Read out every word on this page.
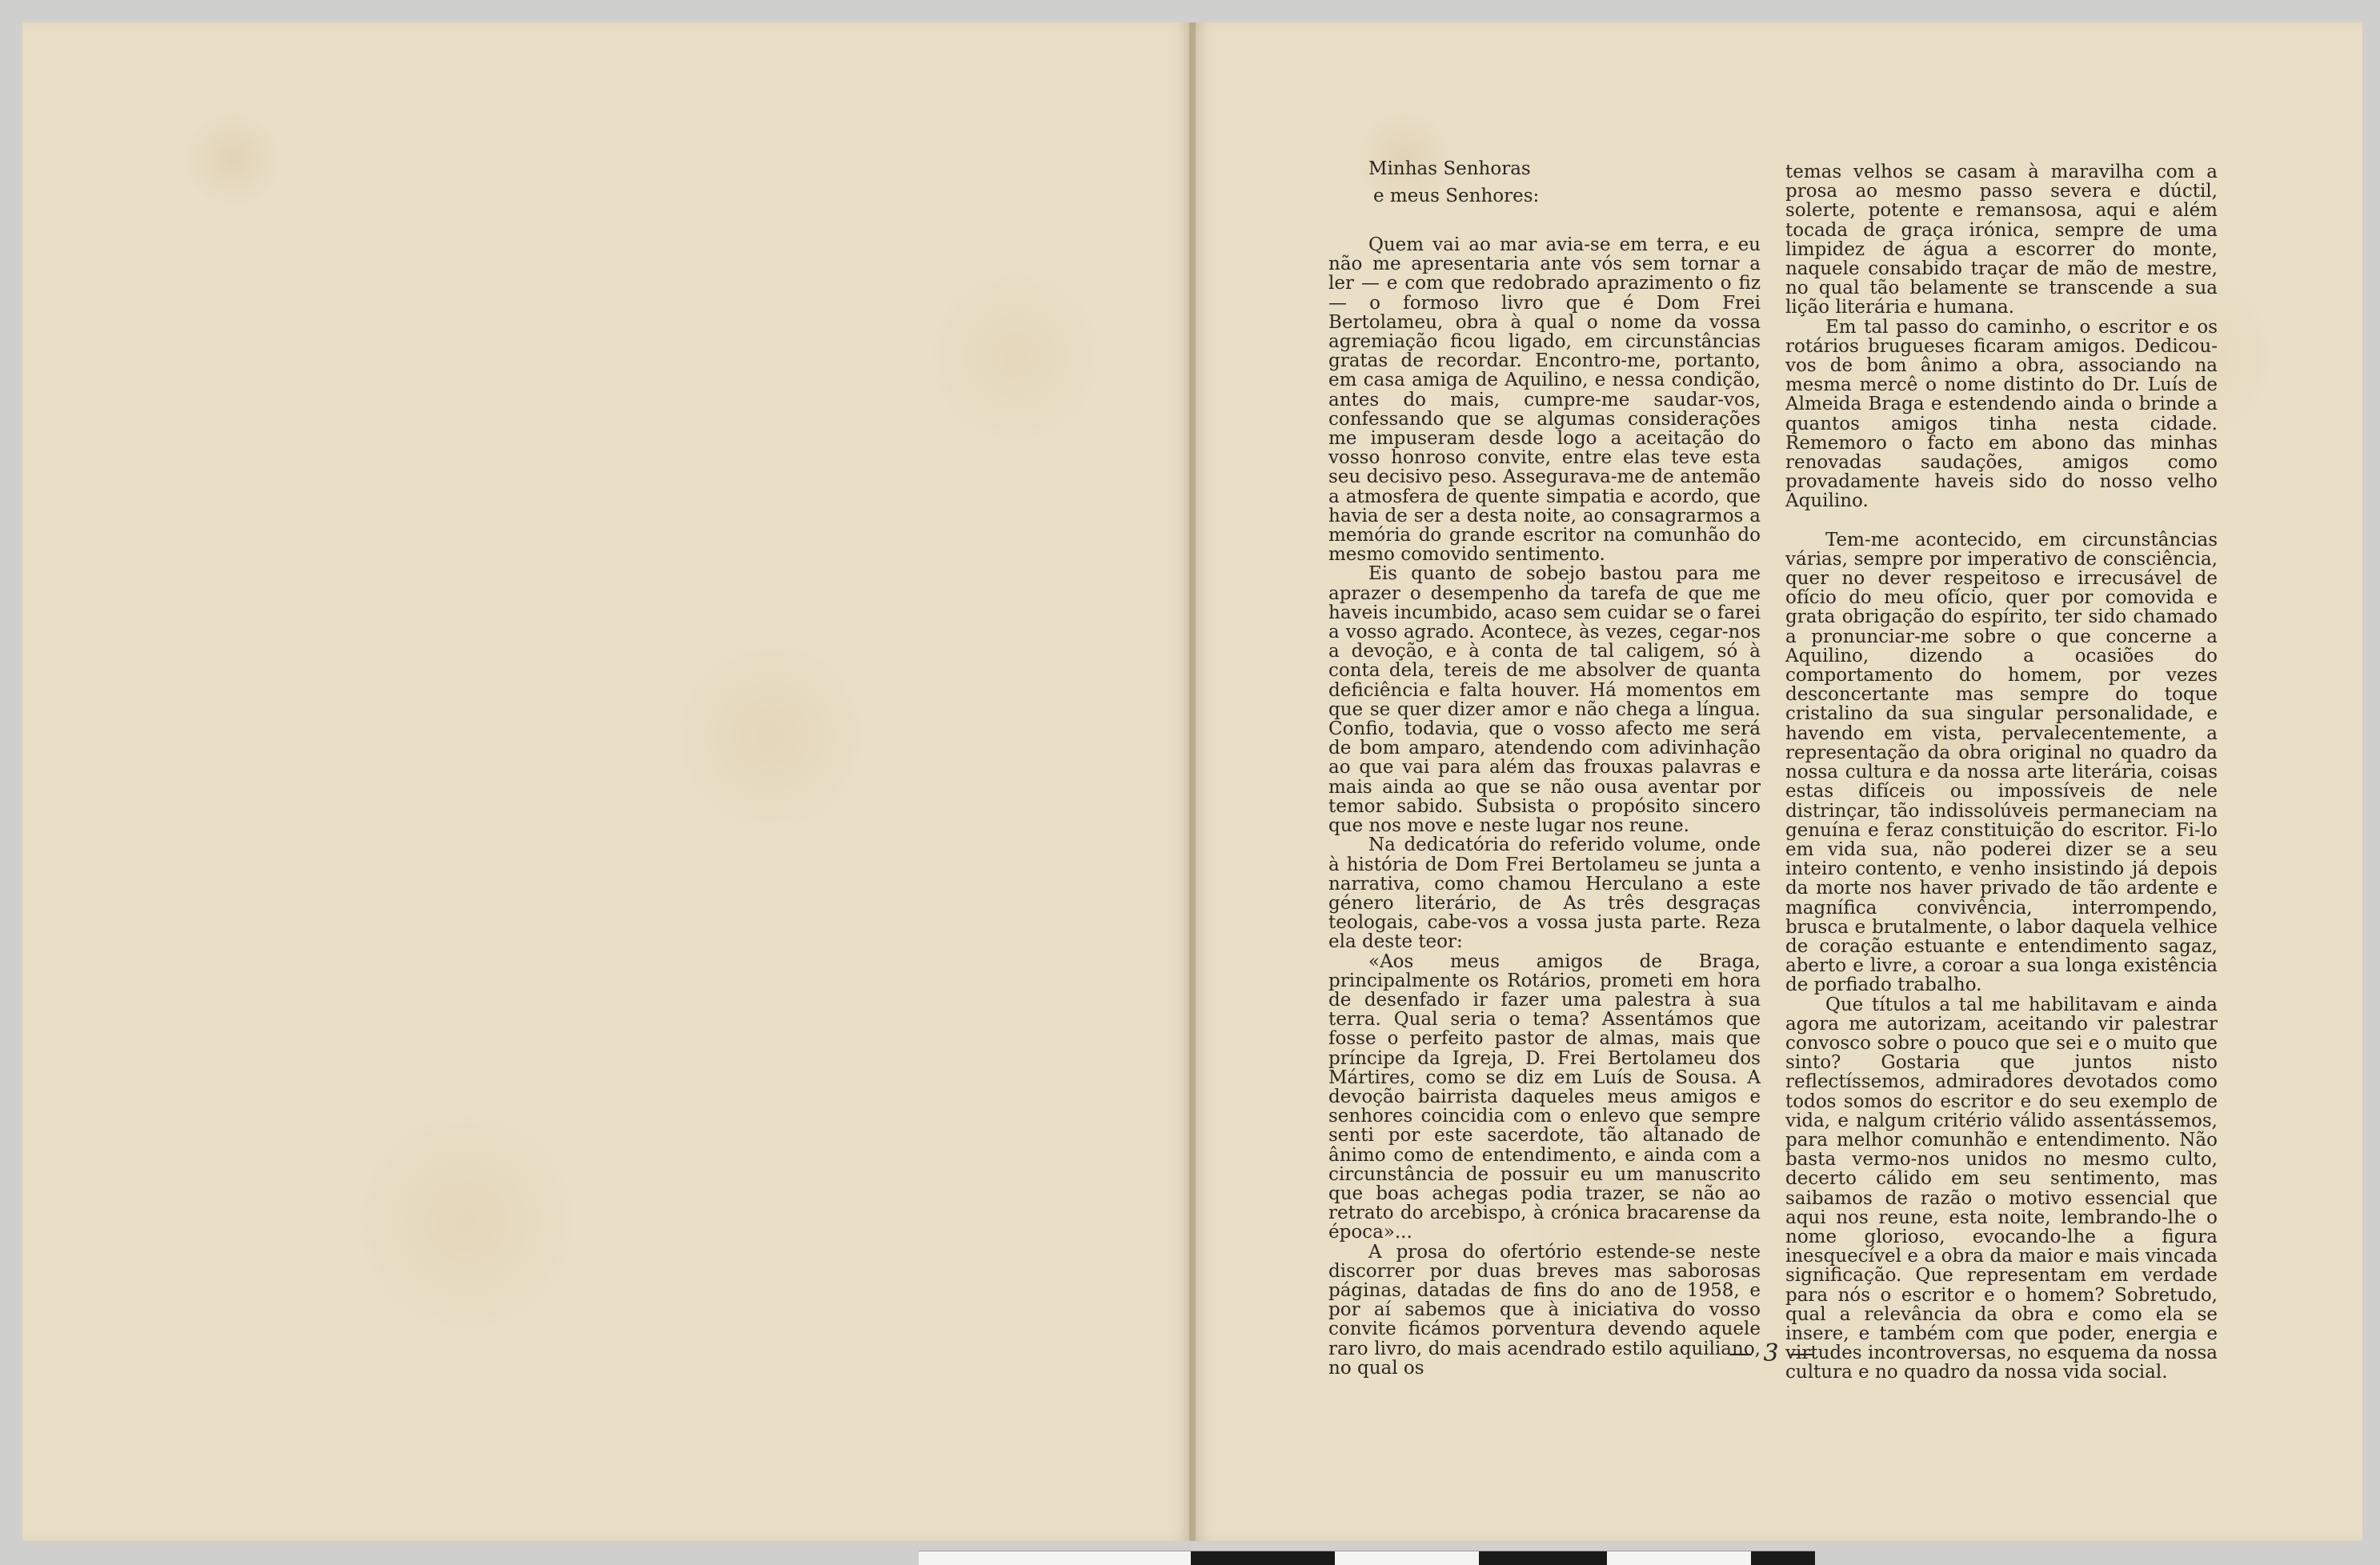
Minhas Senhoras
e meus Senhores:

Quem vai ao mar avia-se em terra, e eu não me apresentaria ante vós sem tornar a ler — e com que redobrado aprazimento o fiz — o formoso livro que é Dom Frei Bertolameu, obra à qual o nome da vossa agremiação ficou ligado, em circunstâncias gratas de recordar. Encontro-me, portanto, em casa amiga de Aquilino, e nessa condição, antes do mais, cumpre-me saudar-vos, confessando que se algumas considerações me impuseram desde logo a aceitação do vosso honroso convite, entre elas teve esta seu decisivo peso. Assegurava-me de antemão a atmosfera de quente simpatia e acordo, que havia de ser a desta noite, ao consagrarmos a memória do grande escritor na comunhão do mesmo comovido sentimento.

Eis quanto de sobejo bastou para me aprazer o desempenho da tarefa de que me haveis incumbido, acaso sem cuidar se o farei a vosso agrado. Acontece, às vezes, cegar-nos a devoção, e à conta de tal caligem, só à conta dela, tereis de me absolver de quanta deficiência e falta houver. Há momentos em que se quer dizer amor e não chega a língua. Confio, todavia, que o vosso afecto me será de bom amparo, atendendo com adivinhação ao que vai para além das frouxas palavras e mais ainda ao que se não ousa aventar por temor sabido. Subsista o propósito sincero que nos move e neste lugar nos reune.

Na dedicatória do referido volume, onde à história de Dom Frei Bertolameu se junta a narrativa, como chamou Herculano a este género literário, de As três desgraças teologais, cabe-vos a vossa justa parte. Reza ela deste teor:

«Aos meus amigos de Braga, principalmente os Rotários, prometi em hora de desenfado ir fazer uma palestra à sua terra. Qual seria o tema? Assentámos que fosse o perfeito pastor de almas, mais que príncipe da Igreja, D. Frei Bertolameu dos Mártires, como se diz em Luís de Sousa. A devoção bairrista daqueles meus amigos e senhores coincidia com o enlevo que sempre senti por este sacerdote, tão altanado de ânimo como de entendimento, e ainda com a circunstância de possuir eu um manuscrito que boas achegas podia trazer, se não ao retrato do arcebispo, à crónica bracarense da época»...

A prosa do ofertório estende-se neste discorrer por duas breves mas saborosas páginas, datadas de fins do ano de 1958, e por aí sabemos que à iniciativa do vosso convite ficámos porventura devendo aquele raro livro, do mais acendrado estilo aquiliano, no qual os

temas velhos se casam à maravilha com a prosa ao mesmo passo severa e dúctil, solerte, potente e remansosa, aqui e além tocada de graça irónica, sempre de uma limpidez de água a escorrer do monte, naquele consabido traçar de mão de mestre, no qual tão belamente se transcende a sua lição literária e humana.

Em tal passo do caminho, o escritor e os rotários brugueses ficaram amigos. Dedicou-vos de bom ânimo a obra, associando na mesma mercê o nome distinto do Dr. Luís de Almeida Braga e estendendo ainda o brinde a quantos amigos tinha nesta cidade. Rememoro o facto em abono das minhas renovadas saudações, amigos como provadamente haveis sido do nosso velho Aquilino.

Tem-me acontecido, em circunstâncias várias, sempre por imperativo de consciência, quer no dever respeitoso e irrecusável de ofício do meu ofício, quer por comovida e grata obrigação do espírito, ter sido chamado a pronunciar-me sobre o que concerne a Aquilino, dizendo a ocasiões do comportamento do homem, por vezes desconcertante mas sempre do toque cristalino da sua singular personalidade, e havendo em vista, pervalecentemente, a representação da obra original no quadro da nossa cultura e da nossa arte literária, coisas estas difíceis ou impossíveis de nele distrinçar, tão indissolúveis permaneciam na genuína e feraz constituição do escritor. Fi-lo em vida sua, não poderei dizer se a seu inteiro contento, e venho insistindo já depois da morte nos haver privado de tão ardente e magnífica convivência, interrompendo, brusca e brutalmente, o labor daquela velhice de coração estuante e entendimento sagaz, aberto e livre, a coroar a sua longa existência de porfiado trabalho.

Que títulos a tal me habilitavam e ainda agora me autorizam, aceitando vir palestrar convosco sobre o pouco que sei e o muito que sinto? Gostaria que juntos nisto reflectíssemos, admiradores devotados como todos somos do escritor e do seu exemplo de vida, e nalgum critério válido assentássemos, para melhor comunhão e entendimento. Não basta vermo-nos unidos no mesmo culto, decerto cálido em seu sentimento, mas saibamos de razão o motivo essencial que aqui nos reune, esta noite, lembrando-lhe o nome glorioso, evocando-lhe a figura inesquecível e a obra da maior e mais vincada significação. Que representam em verdade para nós o escritor e o homem? Sobretudo, qual a relevância da obra e como ela se insere, e também com que poder, energia e virtudes incontroversas, no esquema da nossa cultura e no quadro da nossa vida social.

— 3 —
